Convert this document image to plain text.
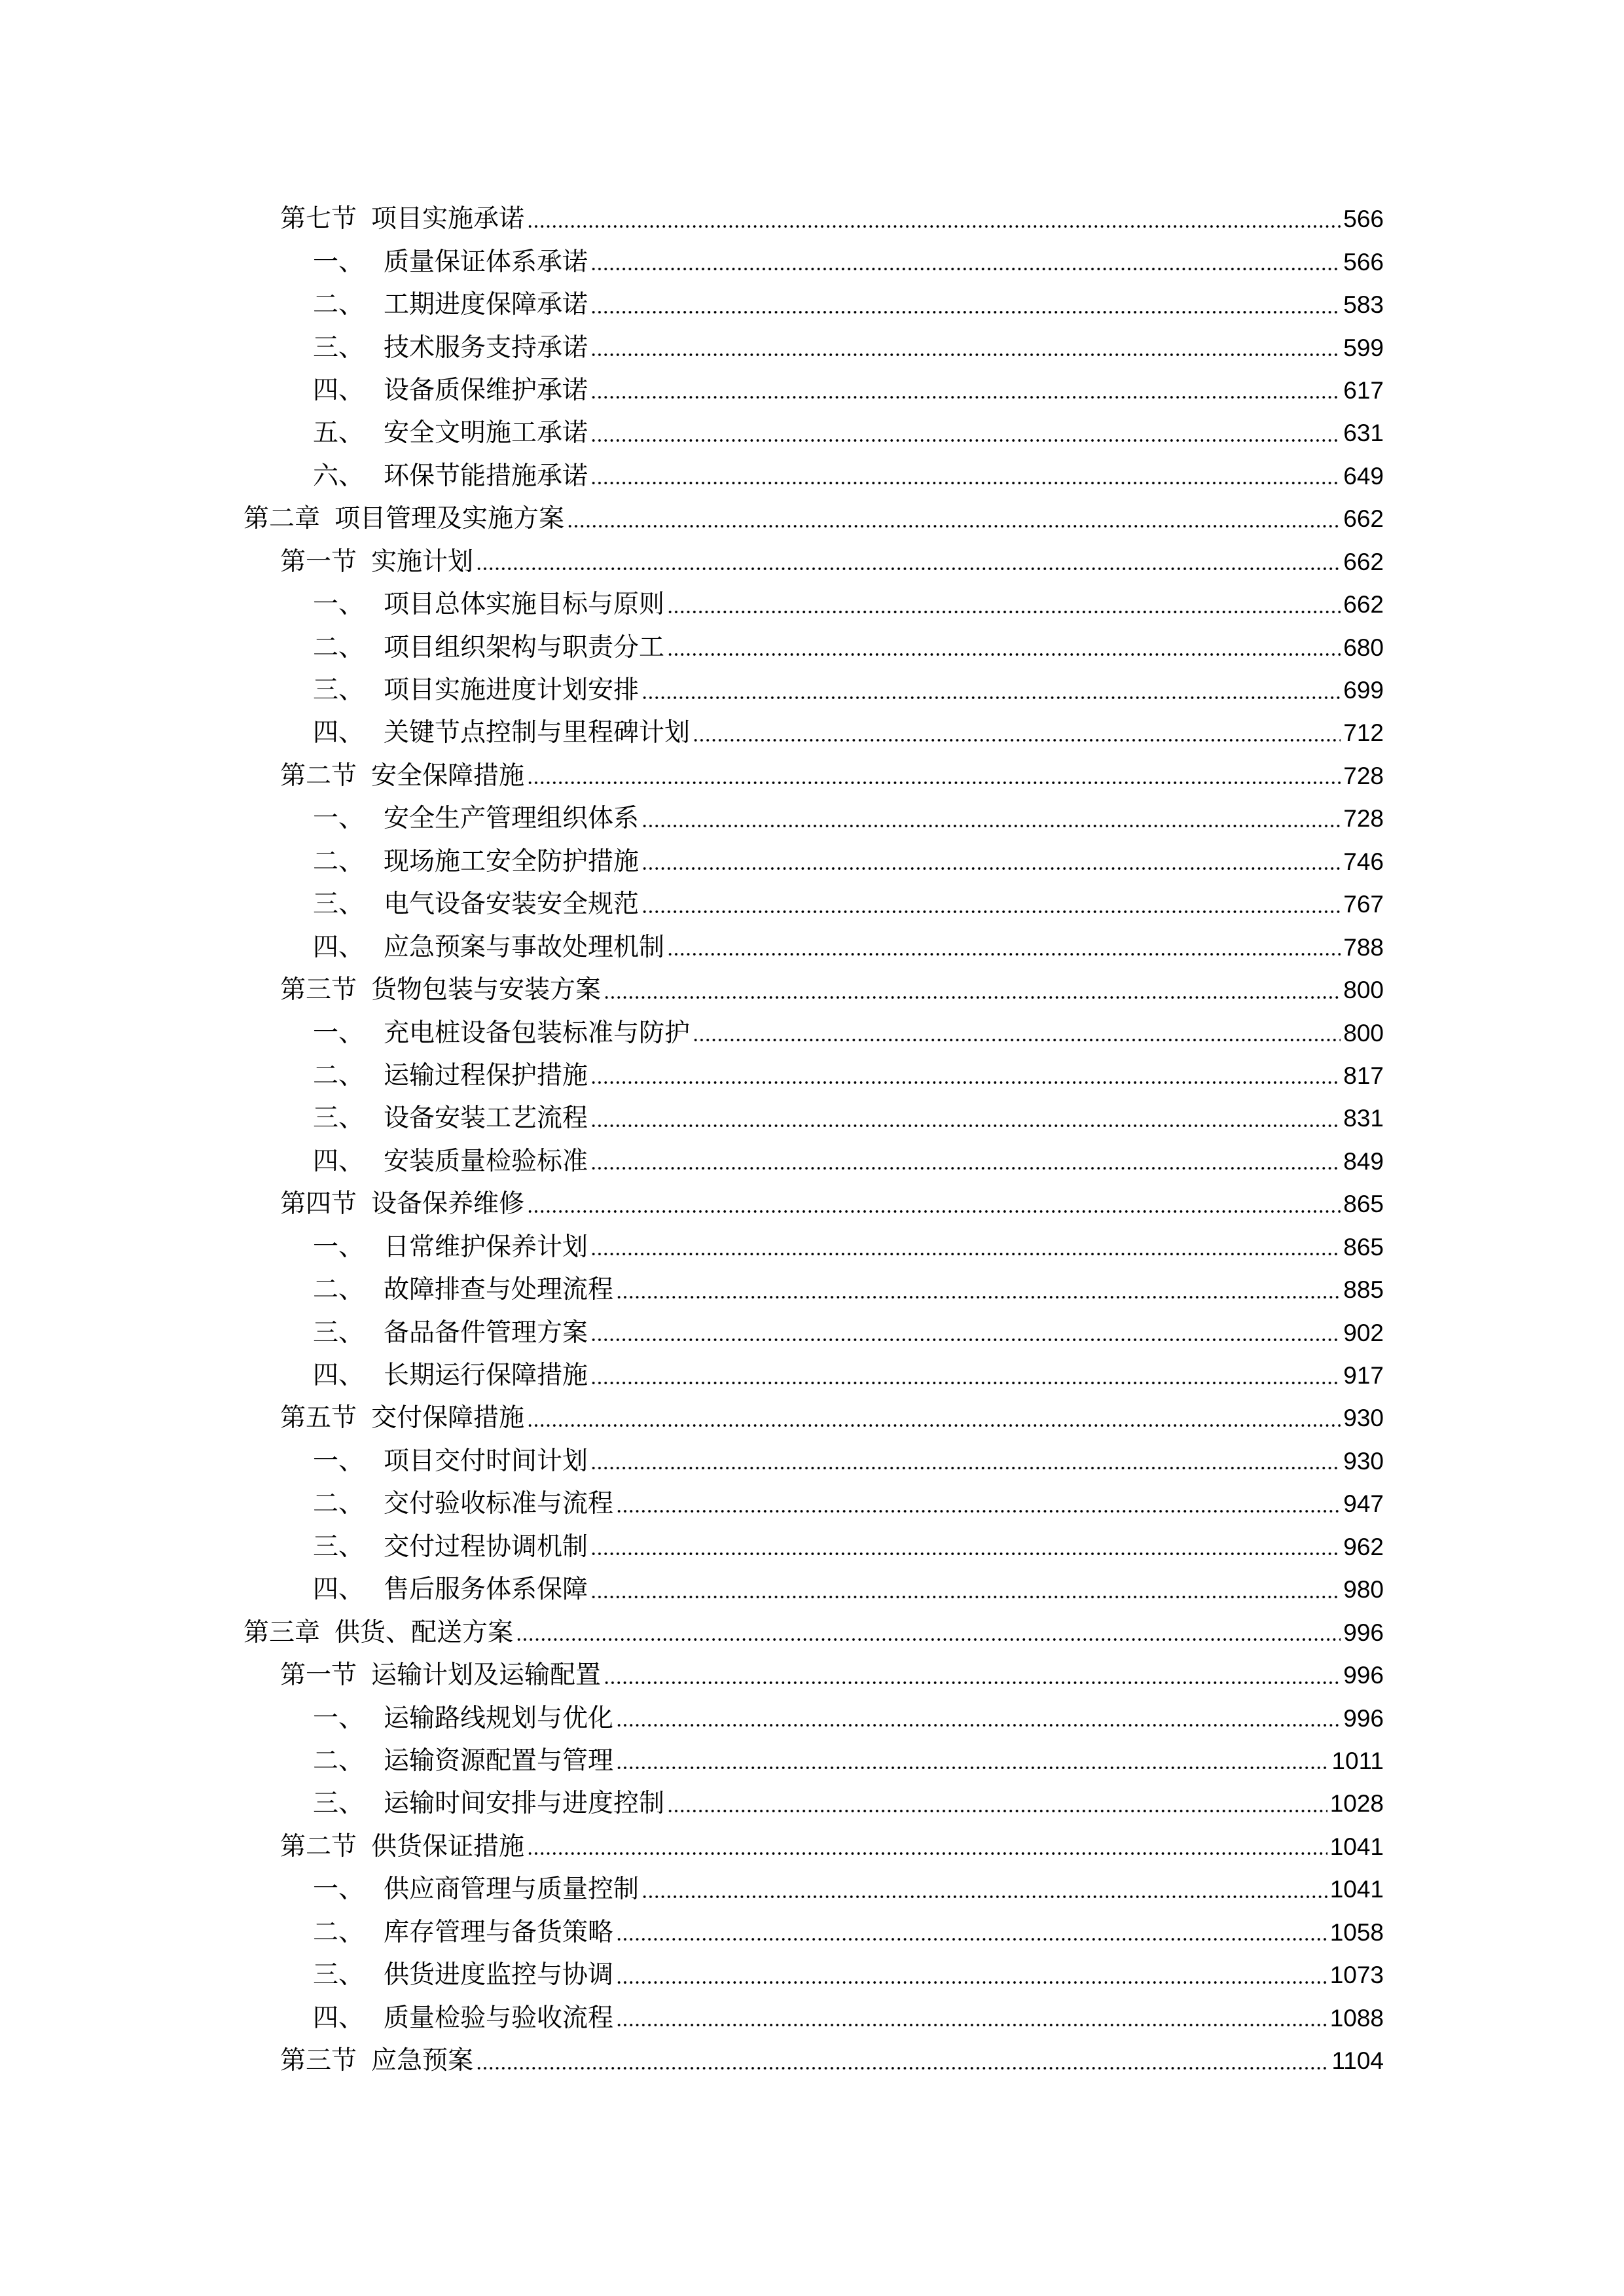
第七节 项目实施承诺	566
一、 质量保证体系承诺	566
二、 工期进度保障承诺	583
三、 技术服务支持承诺	599
四、 设备质保维护承诺	617
五、 安全文明施工承诺	631
六、 环保节能措施承诺	649
第二章 项目管理及实施方案	662
第一节 实施计划	662
一、 项目总体实施目标与原则	662
二、 项目组织架构与职责分工	680
三、 项目实施进度计划安排	699
四、 关键节点控制与里程碑计划	712
第二节 安全保障措施	728
一、 安全生产管理组织体系	728
二、 现场施工安全防护措施	746
三、 电气设备安装安全规范	767
四、 应急预案与事故处理机制	788
第三节 货物包装与安装方案	800
一、 充电桩设备包装标准与防护	800
二、 运输过程保护措施	817
三、 设备安装工艺流程	831
四、 安装质量检验标准	849
第四节 设备保养维修	865
一、 日常维护保养计划	865
二、 故障排查与处理流程	885
三、 备品备件管理方案	902
四、 长期运行保障措施	917
第五节 交付保障措施	930
一、 项目交付时间计划	930
二、 交付验收标准与流程	947
三、 交付过程协调机制	962
四、 售后服务体系保障	980
第三章 供货、配送方案	996
第一节 运输计划及运输配置	996
一、 运输路线规划与优化	996
二、 运输资源配置与管理	1011
三、 运输时间安排与进度控制	1028
第二节 供货保证措施	1041
一、 供应商管理与质量控制	1041
二、 库存管理与备货策略	1058
三、 供货进度监控与协调	1073
四、 质量检验与验收流程	1088
第三节 应急预案	1104
